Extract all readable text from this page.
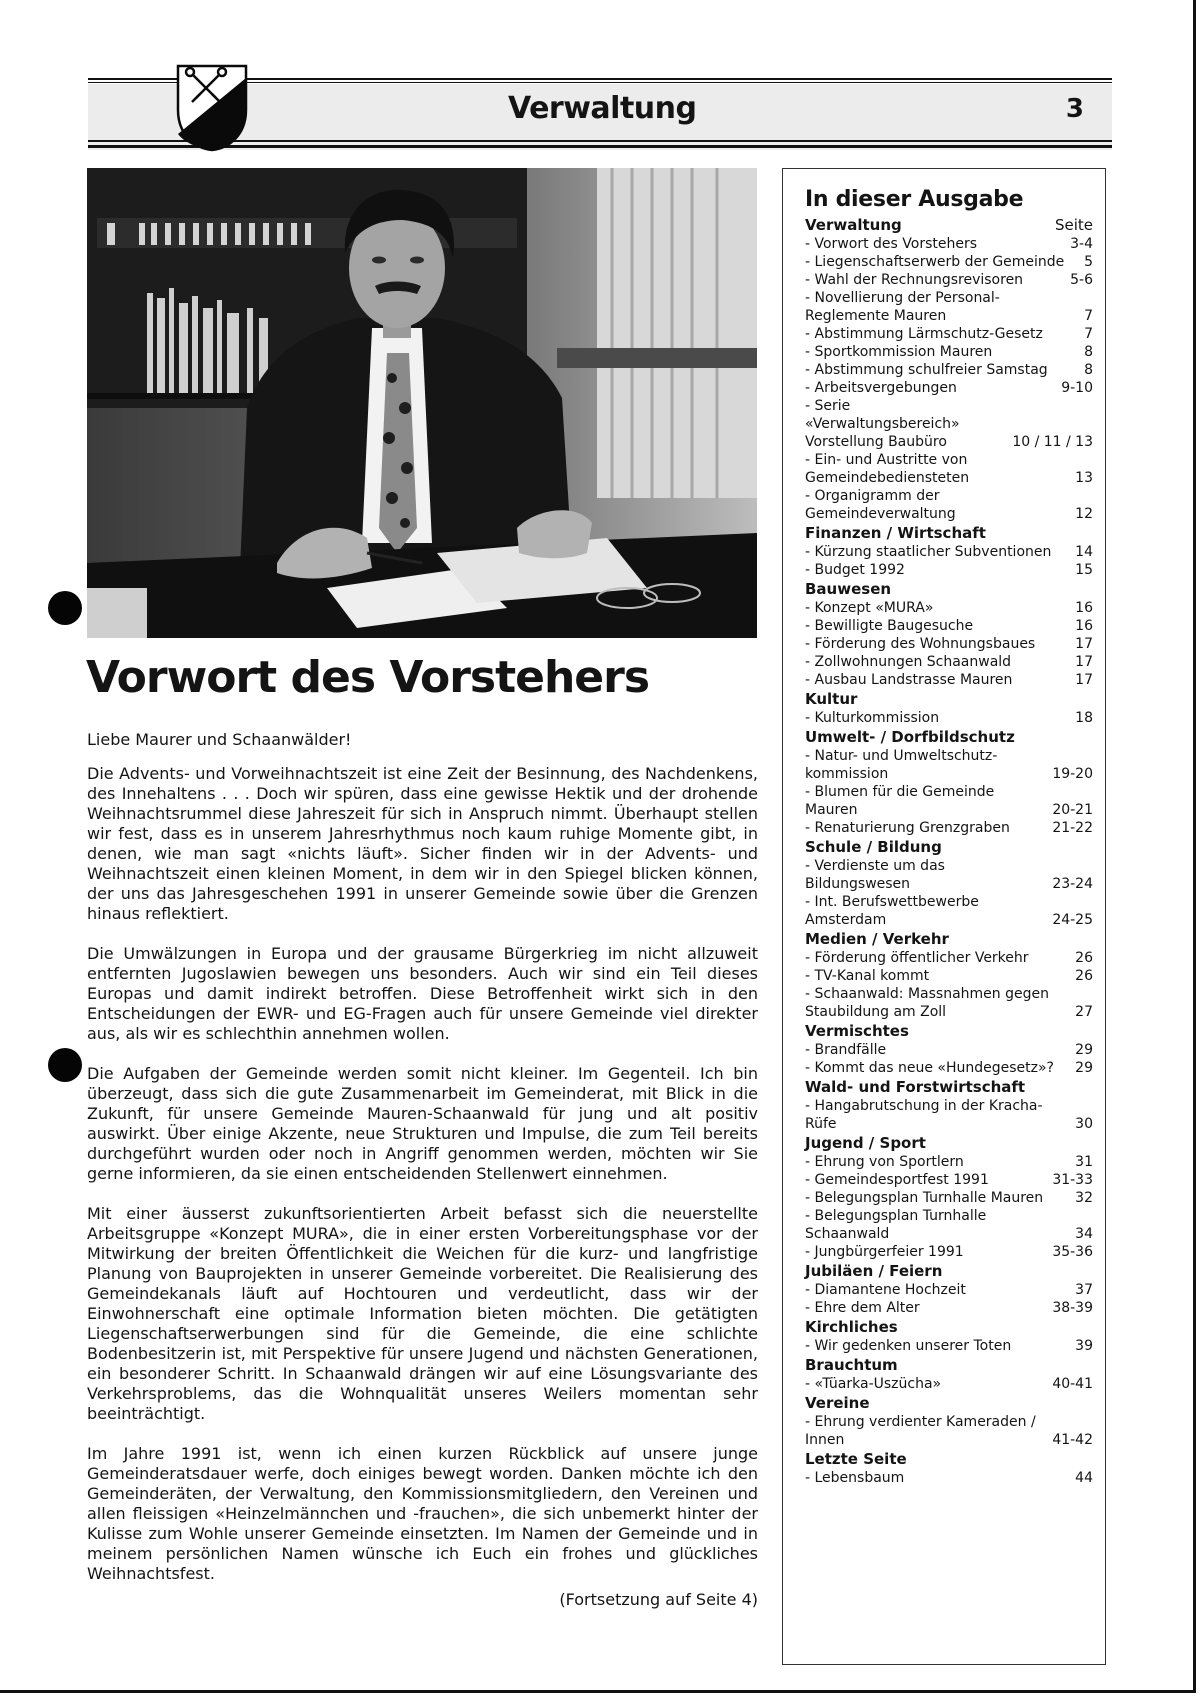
Verwaltung	3
Vorwort des Vorstehers

Liebe Maurer und Schaanwälder!

Die Advents- und Vorweihnachtszeit ist eine Zeit der Besinnung, des Nachdenkens, des Innehaltens . . . Doch wir spüren, dass eine gewisse Hektik und der drohende Weihnachtsrummel diese Jahreszeit für sich in Anspruch nimmt. Überhaupt stellen wir fest, dass es in unserem Jahresrhythmus noch kaum ruhige Momente gibt, in denen, wie man sagt «nichts läuft». Sicher finden wir in der Advents- und Weihnachtszeit einen kleinen Moment, in dem wir in den Spiegel blicken können, der uns das Jahresgeschehen 1991 in unserer Gemeinde sowie über die Grenzen hinaus reflektiert.

Die Umwälzungen in Europa und der grausame Bürgerkrieg im nicht allzuweit entfernten Jugoslawien bewegen uns besonders. Auch wir sind ein Teil dieses Europas und damit indirekt betroffen. Diese Betroffenheit wirkt sich in den Entscheidungen der EWR- und EG-Fragen auch für unsere Gemeinde viel direkter aus, als wir es schlechthin annehmen wollen.

Die Aufgaben der Gemeinde werden somit nicht kleiner. Im Gegenteil. Ich bin überzeugt, dass sich die gute Zusammenarbeit im Gemeinderat, mit Blick in die Zukunft, für unsere Gemeinde Mauren-Schaanwald für jung und alt positiv auswirkt. Über einige Akzente, neue Strukturen und Impulse, die zum Teil bereits durchgeführt wurden oder noch in Angriff genommen werden, möchten wir Sie gerne informieren, da sie einen entscheidenden Stellenwert einnehmen.

Mit einer äusserst zukunftsorientierten Arbeit befasst sich die neuerstellte Arbeitsgruppe «Konzept MURA», die in einer ersten Vorbereitungsphase vor der Mitwirkung der breiten Öffentlichkeit die Weichen für die kurz- und langfristige Planung von Bauprojekten in unserer Gemeinde vorbereitet. Die Realisierung des Gemeindekanals läuft auf Hochtouren und verdeutlicht, dass wir der Einwohnerschaft eine optimale Information bieten möchten. Die getätigten Liegenschaftserwerbungen sind für die Gemeinde, die eine schlichte Bodenbesitzerin ist, mit Perspektive für unsere Jugend und nächsten Generationen, ein besonderer Schritt. In Schaanwald drängen wir auf eine Lösungsvariante des Verkehrsproblems, das die Wohnqualität unseres Weilers momentan sehr beeinträchtigt.

Im Jahre 1991 ist, wenn ich einen kurzen Rückblick auf unsere junge Gemeinderatsdauer werfe, doch einiges bewegt worden. Danken möchte ich den Gemeinderäten, der Verwaltung, den Kommissionsmitgliedern, den Vereinen und allen fleissigen «Heinzelmännchen und -frauchen», die sich unbemerkt hinter der Kulisse zum Wohle unserer Gemeinde einsetzten. Im Namen der Gemeinde und in meinem persönlichen Namen wünsche ich Euch ein frohes und glückliches Weihnachtsfest.

(Fortsetzung auf Seite 4)
In dieser Ausgabe
Verwaltung	Seite
- Vorwort des Vorstehers	3-4
- Liegenschaftserwerb der Gemeinde	5
- Wahl der Rechnungsrevisoren	5-6
- Novellierung der Personal-Reglemente Mauren	7
- Abstimmung Lärmschutz-Gesetz	7
- Sportkommission Mauren	8
- Abstimmung schulfreier Samstag	8
- Arbeitsvergebungen	9-10
- Serie «Verwaltungsbereich» Vorstellung Baubüro	10 / 11 / 13
- Ein- und Austritte von Gemeindebediensteten	13
- Organigramm der Gemeindeverwaltung	12
Finanzen / Wirtschaft
- Kürzung staatlicher Subventionen	14
- Budget 1992	15
Bauwesen
- Konzept «MURA»	16
- Bewilligte Baugesuche	16
- Förderung des Wohnungsbaues	17
- Zollwohnungen Schaanwald	17
- Ausbau Landstrasse Mauren	17
Kultur
- Kulturkommission	18
Umwelt- / Dorfbildschutz
- Natur- und Umweltschutz-kommission	19-20
- Blumen für die Gemeinde Mauren	20-21
- Renaturierung Grenzgraben	21-22
Schule / Bildung
- Verdienste um das Bildungswesen	23-24
- Int. Berufswettbewerbe Amsterdam	24-25
Medien / Verkehr
- Förderung öffentlicher Verkehr	26
- TV-Kanal kommt	26
- Schaanwald: Massnahmen gegen Staubildung am Zoll	27
Vermischtes
- Brandfälle	29
- Kommt das neue «Hundegesetz»?	29
Wald- und Forstwirtschaft
- Hangabrutschung in der Kracha-Rüfe	30
Jugend / Sport
- Ehrung von Sportlern	31
- Gemeindesportfest 1991	31-33
- Belegungsplan Turnhalle Mauren	32
- Belegungsplan Turnhalle Schaanwald	34
- Jungbürgerfeier 1991	35-36
Jubiläen / Feiern
- Diamantene Hochzeit	37
- Ehre dem Alter	38-39
Kirchliches
- Wir gedenken unserer Toten	39
Brauchtum
- «Tüarka-Uszücha»	40-41
Vereine
- Ehrung verdienter Kameraden / Innen	41-42
Letzte Seite
- Lebensbaum	44
